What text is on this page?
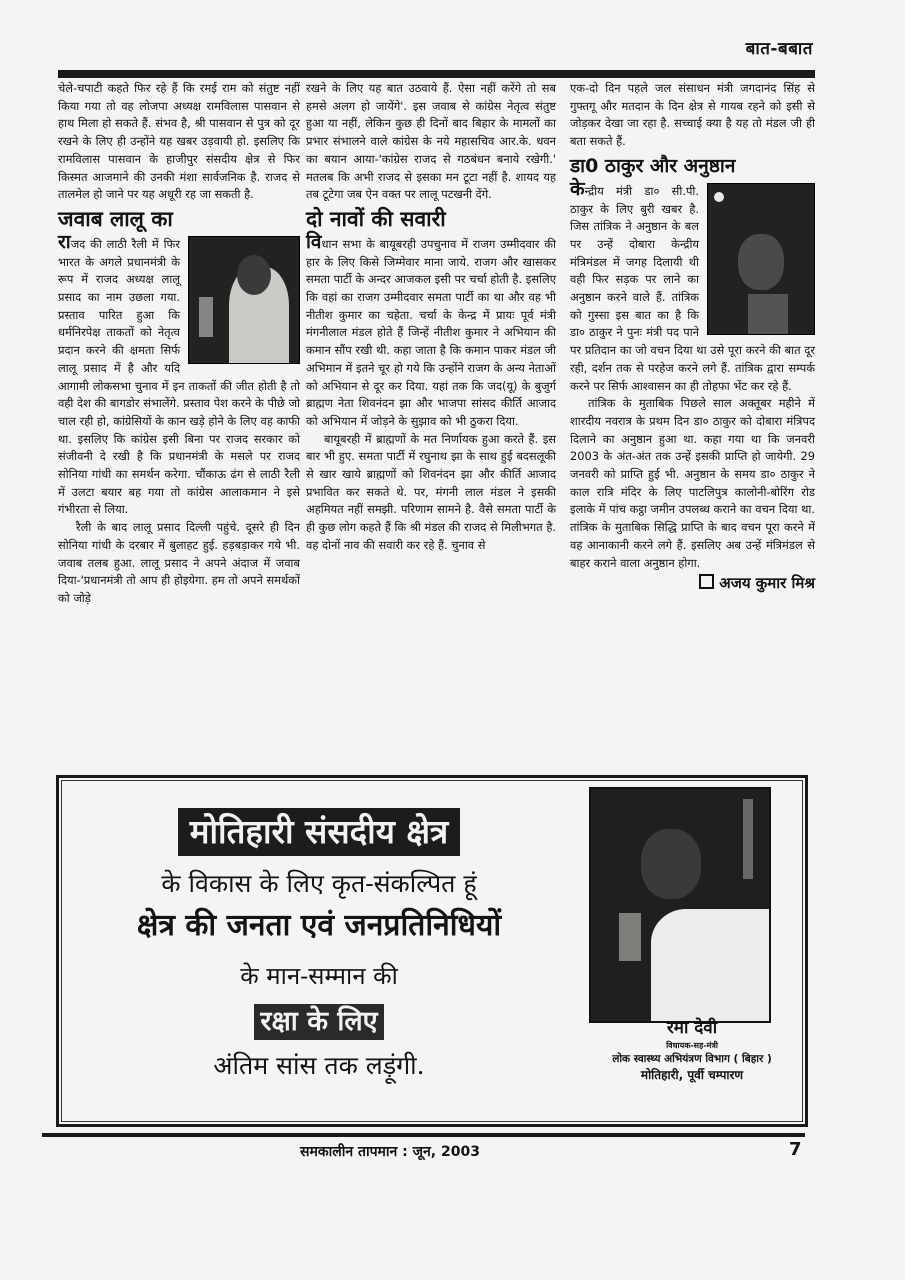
बात-बबात

चेले-चपाटी कहते फिर रहे हैं कि रमई राम को संतुष्ट नहीं किया गया तो वह लोजपा अध्यक्ष रामविलास पासवान से हाथ मिला हो सकते हैं. संभव है, श्री पासवान से पुत्र को दूर रखने के लिए ही उन्होंने यह खबर उड़वायी हो. इसलिए कि रामविलास पासवान के हाजीपुर संसदीय क्षेत्र से फिर किस्मत आजमाने की उनकी मंशा सार्वजनिक है. राजद से तालमेल हो जाने पर यह अधूरी रह जा सकती है.

जवाब लालू का

राजद की लाठी रैली में फिर भारत के अगले प्रधानमंत्री के रूप में राजद अध्यक्ष लालू प्रसाद का नाम उछला गया. प्रस्ताव पारित हुआ कि धर्मनिरपेक्ष ताकतों को नेतृत्व प्रदान करने की क्षमता सिर्फ लालू प्रसाद में है और यदि आगामी लोकसभा चुनाव में इन ताकतों की जीत होती है तो वही देश की बागडोर संभालेंगे. प्रस्ताव पेश करने के पीछे जो चाल रही हो, कांग्रेसियों के कान खड़े होने के लिए वह काफी था. इसलिए कि कांग्रेस इसी बिना पर राजद सरकार को संजीवनी दे रखी है कि प्रधानमंत्री के मसले पर राजद सोनिया गांधी का समर्थन करेगा. चौंकाऊ ढंग से लाठी रैली में उलटा बयार बह गया तो कांग्रेस आलाकमान ने इसे गंभीरता से लिया.

रैली के बाद लालू प्रसाद दिल्ली पहुंचे. दूसरे ही दिन सोनिया गांधी के दरबार में बुलाहट हुई. हड़बड़ाकर गये भी. जवाब तलब हुआ. लालू प्रसाद ने अपने अंदाज में जवाब दिया-'प्रधानमंत्री तो आप ही होइयेगा. हम तो अपने समर्थकों को जोड़े

रखने के लिए यह बात उठवाये हैं. ऐसा नहीं करेंगे तो सब हमसे अलग हो जायेंगे'. इस जवाब से कांग्रेस नेतृत्व संतुष्ट हुआ या नहीं, लेकिन कुछ ही दिनों बाद बिहार के मामलों का प्रभार संभालने वाले कांग्रेस के नये महासचिव आर.के. धवन का बयान आया-'कांग्रेस राजद से गठबंधन बनाये रखेगी.' मतलब कि अभी राजद से इसका मन टूटा नहीं है. शायद यह तब टूटेगा जब ऐन वक्त पर लालू पटखनी देंगे.

दो नावों की सवारी

विधान सभा के बायूबरही उपचुनाव में राजग उम्मीदवार की हार के लिए किसे जिम्मेवार माना जाये. राजग और खासकर समता पार्टी के अन्दर आजकल इसी पर चर्चा होती है. इसलिए कि वहां का राजग उम्मीदवार समता पार्टी का था और वह भी नीतीश कुमार का चहेता. चर्चा के केन्द्र में प्रायः पूर्व मंत्री मंगनीलाल मंडल होते हैं जिन्हें नीतीश कुमार ने अभियान की कमान सौंप रखी थी. कहा जाता है कि कमान पाकर मंडल जी अभिमान में इतने चूर हो गये कि उन्होंने राजग के अन्य नेताओं को अभियान से दूर कर दिया. यहां तक कि जद(यू) के बुजुर्ग ब्राह्मण नेता शिवनंदन झा और भाजपा सांसद कीर्ति आजाद को अभियान में जोड़ने के सुझाव को भी ठुकरा दिया.

बायूबरही में ब्राह्मणों के मत निर्णायक हुआ करते हैं. इस बार भी हुए. समता पार्टी में रघुनाथ झा के साथ हुई बदसलूकी से खार खाये ब्राह्मणों को शिवनंदन झा और कीर्ति आजाद प्रभावित कर सकते थे. पर, मंगनी लाल मंडल ने इसकी अहमियत नहीं समझी. परिणाम सामने है. वैसे समता पार्टी के ही कुछ लोग कहते हैं कि श्री मंडल की राजद से मिलीभगत है. वह दोनों नाव की सवारी कर रहे हैं. चुनाव से

एक-दो दिन पहले जल संसाधन मंत्री जगदानंद सिंह से गुफ्तगू और मतदान के दिन क्षेत्र से गायब रहने को इसी से जोड़कर देखा जा रहा है. सच्चाई क्या है यह तो मंडल जी ही बता सकते हैं.

डा0 ठाकुर और अनुष्ठान

केन्द्रीय मंत्री डा० सी.पी. ठाकुर के लिए बुरी खबर है. जिस तांत्रिक ने अनुष्ठान के बल पर उन्हें दोबारा केन्द्रीय मंत्रिमंडल में जगह दिलायी थी वही फिर सड़क पर लाने का अनुष्ठान करने वाले हैं. तांत्रिक को गुस्सा इस बात का है कि डा० ठाकुर ने पुनः मंत्री पद पाने पर प्रतिदान का जो वचन दिया था उसे पूरा करने की बात दूर रही, दर्शन तक से परहेज करने लगे हैं. तांत्रिक द्वारा सम्पर्क करने पर सिर्फ आश्वासन का ही तोहफा भेंट कर रहे हैं.

तांत्रिक के मुताबिक पिछले साल अक्तूबर महीने में शारदीय नवरात्र के प्रथम दिन डा० ठाकुर को दोबारा मंत्रिपद दिलाने का अनुष्ठान हुआ था. कहा गया था कि जनवरी 2003 के अंत-अंत तक उन्हें इसकी प्राप्ति हो जायेगी. 29 जनवरी को प्राप्ति हुई भी. अनुष्ठान के समय डा० ठाकुर ने काल रात्रि मंदिर के लिए पाटलिपुत्र कालोनी-बोरिंग रोड इलाके में पांच कट्ठा जमीन उपलब्ध कराने का वचन दिया था. तांत्रिक के मुताबिक सिद्धि प्राप्ति के बाद वचन पूरा करने में वह आनाकानी करने लगे हैं. इसलिए अब उन्हें मंत्रिमंडल से बाहर कराने वाला अनुष्ठान होगा.

अजय कुमार मिश्र

मोतिहारी संसदीय क्षेत्र
के विकास के लिए कृत-संकल्पित हूं
क्षेत्र की जनता एवं जनप्रतिनिधियों
के मान-सम्मान की
रक्षा के लिए
अंतिम सांस तक लड़ूंगी.
रमा देवी
विधायक-सह-मंत्री
लोक स्वास्थ्य अभियंत्रण विभाग ( बिहार )
मोतिहारी, पूर्वी चम्पारण
समकालीन तापमान : जून, 2003	7
